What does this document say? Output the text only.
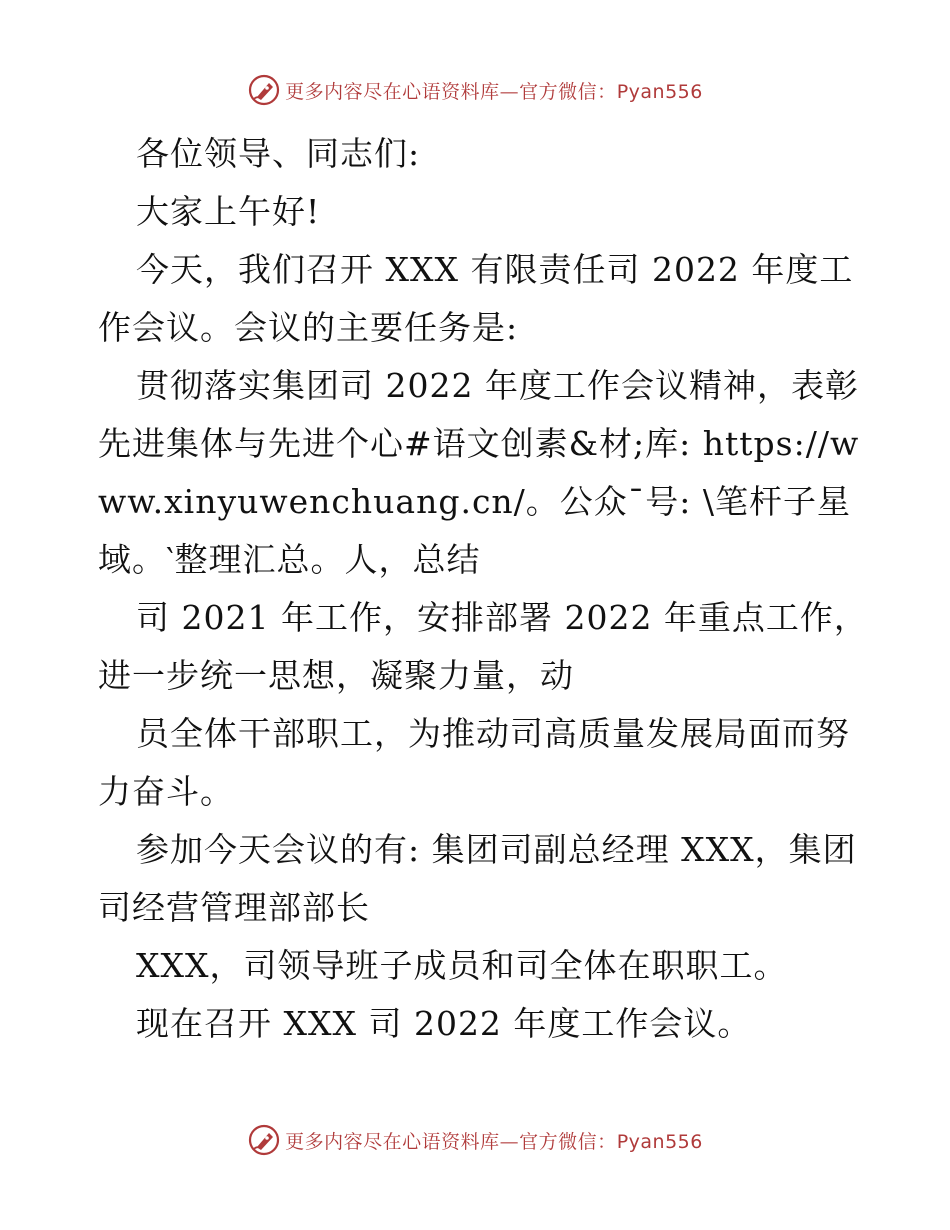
更多内容尽在心语资料库—官方微信：Pyan556
各位领导、同志们:
大家上午好!
今天，我们召开 XXX 有限责任司 2022 年度工
作会议。会议的主要任务是:
贯彻落实集团司 2022 年度工作会议精神，表彰
先进集体与先进个心#语文创素&材;库: https://w
ww.xinyuwenchuang.cn/。公众¯号: \笔杆子星
域。‵整理汇总。人，总结
司 2021 年工作，安排部署 2022 年重点工作，
进一步统一思想，凝聚力量，动
员全体干部职工，为推动司高质量发展局面而努
力奋斗。
参加今天会议的有: 集团司副总经理 XXX，集团
司经营管理部部长
XXX，司领导班子成员和司全体在职职工。
现在召开 XXX 司 2022 年度工作会议。
更多内容尽在心语资料库—官方微信：Pyan556
